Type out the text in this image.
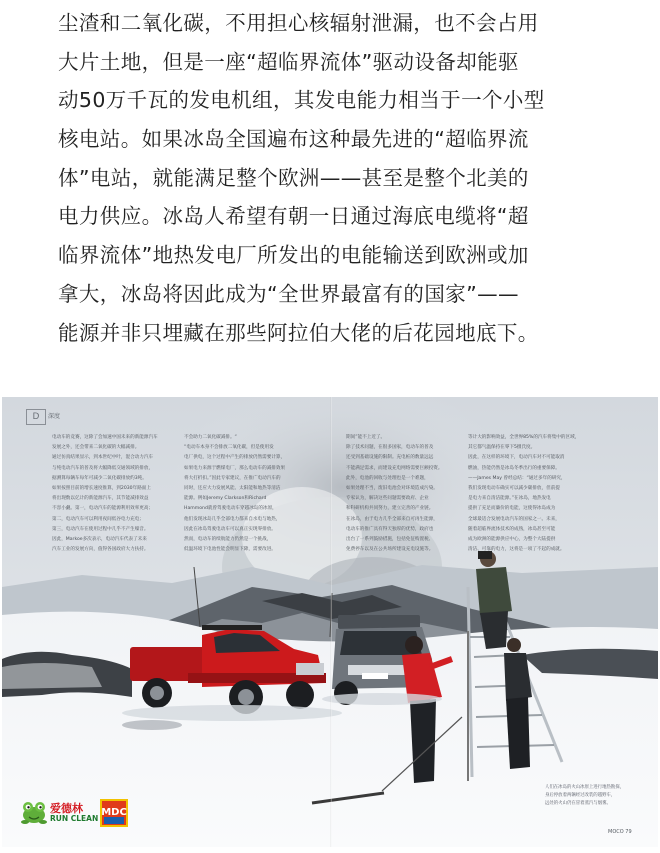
尘渣和二氧化碳，不用担心核辐射泄漏，也不会占用
大片土地，但是一座“超临界流体”驱动设备却能驱
动50万千瓦的发电机组，其发电能力相当于一个小型
核电站。如果冰岛全国遍布这种最先进的“超临界流
体”电站，就能满足整个欧洲——甚至是整个北美的
电力供应。冰岛人希望有朝一日通过海底电缆将“超
临界流体”地热发电厂所发出的电能输送到欧洲或加
拿大，冰岛将因此成为“全世界最富有的国家”——
能源并非只埋藏在那些阿拉伯大佬的后花园地底下。
D	深度
电动车的竞赛，这除了会加速中国未来的新能源汽车
发展之外，还会带来二氧化碳的大幅减排。
通过仿真结果显示，到本世纪中叶，混合动力汽车
与纯电动汽车的普及将大幅降低交通领域的排放，
据测算每辆车每年可减少二氧化碳排放约3吨。
如果按照目前的增长速度推算，到2030年路面上
将出现数以亿计的新能源汽车，其节能减排效益
不容小觑。第一，电动汽车的能源利用效率更高；
第二，电动汽车可以利用夜间低谷电力充电；
第三，电动汽车在使用过程中几乎不产生噪音。
因此，Markoe多次表示，电动汽车代表了未来
汽车工业的发展方向，值得各国政府大力扶持。
不会助力二氧化碳减排。“
“电动车本身不会排放二氧化碳，但是使用发
电厂供电，这个过程中产生的排放仍然需要计算，
如果电力来源于燃煤电厂，那么电动车的减排效果
将大打折扣。”因此专家建议，在推广电动汽车的
同时，还应大力发展风能、太阳能和地热等清洁
能源。例如Jeremy Clarkson和Richard
Hammond就曾驾驶电动车穿越冰岛的冰原，
他们发现冰岛几乎全部电力都来自水电与地热，
因此在冰岛驾驶电动车可以真正实现零排放。
然而，电动车的续航能力仍然是一个挑战，
低温环境下电池性能会明显下降，需要改进。
期间”能不上近了。
除了技术问题，在很多国家，电动车的普及
还受到基础设施的限制。充电桩的数量远远
不能满足需求，而建设充电网络需要巨额投资。
此外，电池的回收与处理也是一个难题，
如果处理不当，废旧电池会对环境造成污染。
专家认为，解决这些问题需要政府、企业
和科研机构共同努力，建立完善的产业链。
在冰岛，由于电力几乎全部来自可再生能源，
电动车的推广具有得天独厚的优势，政府也
出台了一系列鼓励措施，包括免征购置税、
免费停车以及在公共场所建设充电设施等。
等计大的影响效益，全世界85%的汽车将集中的区域，
其它都气温保持在零下5摄氏度。
因此，在这样的环境下，电动汽车对不可能取消
燃油，热能仍然是冰岛冬季出行的重要保障。
——James May 曾经总结：“通过多年的研究，
我们发现电动车确实可以减少碳排放，但前提
是电力来自清洁能源。”在冰岛，地热发电
提供了充足而廉价的电能，这使得冰岛成为
全球最适合发展电动汽车的国家之一。未来，
随着超临界流体技术的成熟，冰岛甚至可能
成为欧洲的能源供应中心，为整个大陆提供
清洁、可靠的电力，这将是一项了不起的成就。
人们在冰岛的火山冰原上进行地热勘探，
身后停放着两辆经过改装的越野车，
远处的火山仍在冒着蒸汽与烟雾。
MOCO 79
爱德林
RUN CLEAN
MDC
